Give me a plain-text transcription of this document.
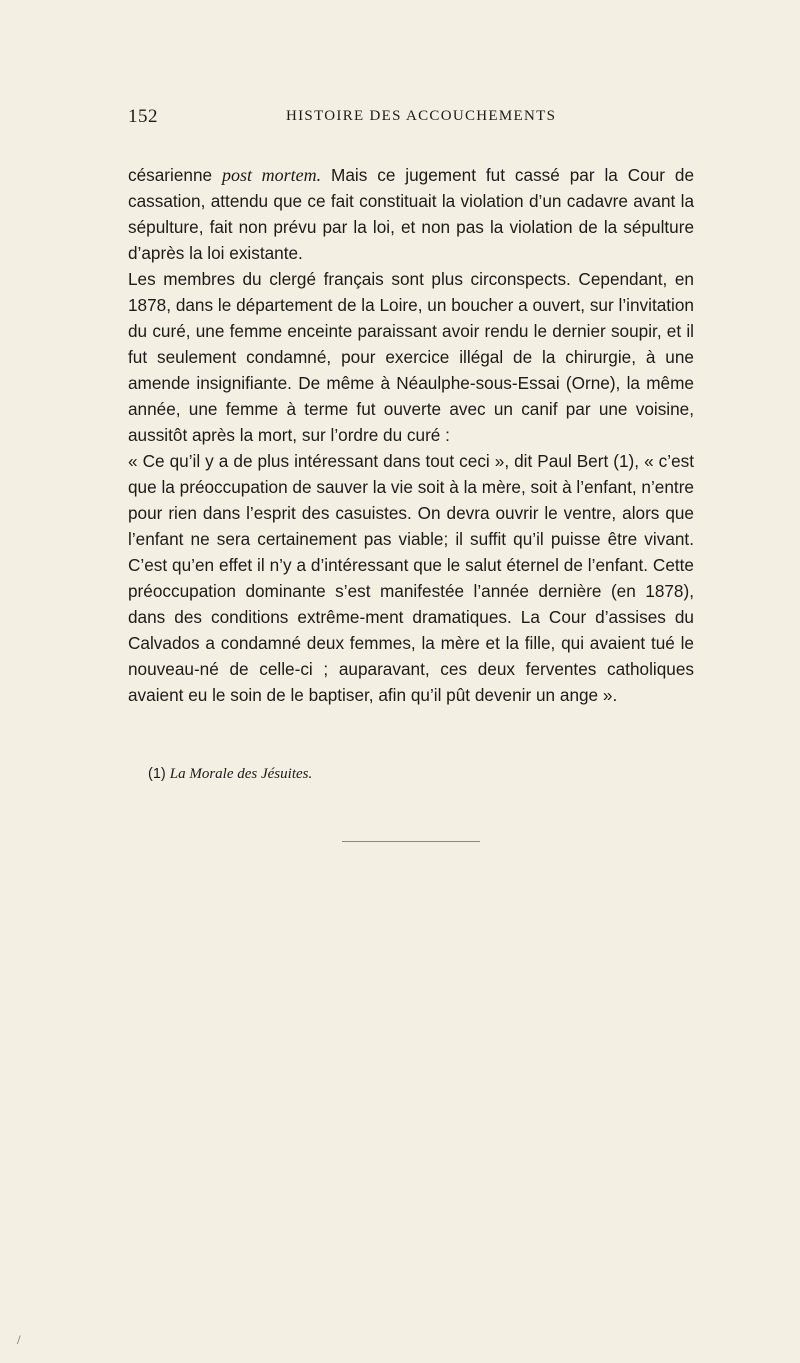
152	HISTOIRE DES ACCOUCHEMENTS

césarienne post mortem. Mais ce jugement fut cassé par la Cour de cassation, attendu que ce fait constituait la violation d’un cadavre avant la sépulture, fait non prévu par la loi, et non pas la violation de la sépulture d’après la loi existante.

Les membres du clergé français sont plus circonspects. Cependant, en 1878, dans le département de la Loire, un boucher a ouvert, sur l’invitation du curé, une femme enceinte paraissant avoir rendu le dernier soupir, et il fut seulement condamné, pour exercice illégal de la chirurgie, à une amende insignifiante. De même à Néaulphe-sous-Essai (Orne), la même année, une femme à terme fut ouverte avec un canif par une voisine, aussitôt après la mort, sur l’ordre du curé :

« Ce qu’il y a de plus intéressant dans tout ceci », dit Paul Bert (1), « c’est que la préoccupation de sauver la vie soit à la mère, soit à l’enfant, n’entre pour rien dans l’esprit des casuistes. On devra ouvrir le ventre, alors que l’enfant ne sera certainement pas viable; il suffit qu’il puisse être vivant. C’est qu’en effet il n’y a d’intéressant que le salut éternel de l’enfant. Cette préoccupation dominante s’est manifestée l’année dernière (en 1878), dans des conditions extrême-ment dramatiques. La Cour d’assises du Calvados a condamné deux femmes, la mère et la fille, qui avaient tué le nouveau-né de celle-ci ; auparavant, ces deux ferventes catholiques avaient eu le soin de le baptiser, afin qu’il pût devenir un ange ».

(1) La Morale des Jésuites.
/
